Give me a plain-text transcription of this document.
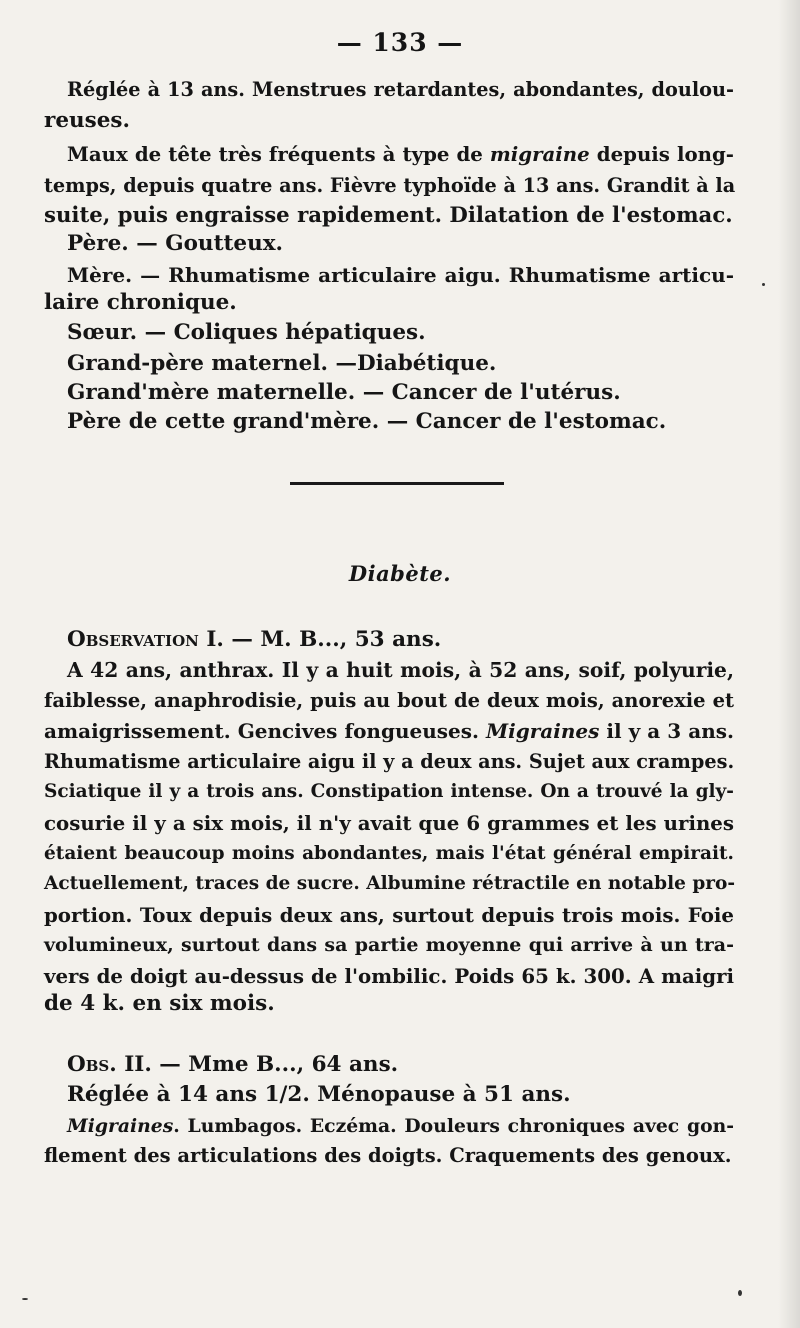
— 133 —
Réglée à 13 ans. Menstrues retardantes, abondantes, doulou-
reuses.
Maux de tête très fréquents à type de migraine depuis long-
temps, depuis quatre ans. Fièvre typhoïde à 13 ans. Grandit à la
suite, puis engraisse rapidement. Dilatation de l'estomac.
Père. — Goutteux.
Mère. — Rhumatisme articulaire aigu. Rhumatisme articu-
laire chronique.
Sœur. — Coliques hépatiques.
Grand-père maternel. —Diabétique.
Grand'mère maternelle. — Cancer de l'utérus.
Père de cette grand'mère. — Cancer de l'estomac.
Diabète.
Observation I. — M. B..., 53 ans.
A 42 ans, anthrax. Il y a huit mois, à 52 ans, soif, polyurie,
faiblesse, anaphrodisie, puis au bout de deux mois, anorexie et
amaigrissement. Gencives fongueuses. Migraines il y a 3 ans.
Rhumatisme articulaire aigu il y a deux ans. Sujet aux crampes.
Sciatique il y a trois ans. Constipation intense. On a trouvé la gly-
cosurie il y a six mois, il n'y avait que 6 grammes et les urines
étaient beaucoup moins abondantes, mais l'état général empirait.
Actuellement, traces de sucre. Albumine rétractile en notable pro-
portion. Toux depuis deux ans, surtout depuis trois mois. Foie
volumineux, surtout dans sa partie moyenne qui arrive à un tra-
vers de doigt au-dessus de l'ombilic. Poids 65 k. 300. A maigri
de 4 k. en six mois.
Obs. II. — Mme B..., 64 ans.
Réglée à 14 ans 1/2. Ménopause à 51 ans.
Migraines. Lumbagos. Eczéma. Douleurs chroniques avec gon-
flement des articulations des doigts. Craquements des genoux.
